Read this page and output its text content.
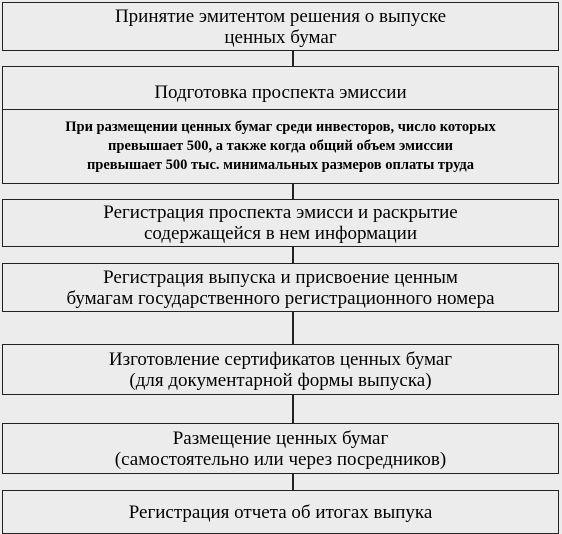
Принятие эмитентом решения о выпуске
ценных бумаг
Подготовка проспекта эмиссии
При размещении ценных бумаг среди инвесторов, число которых
превышает 500, а также когда общий объем эмиссии
превышает 500 тыс. минимальных размеров оплаты труда
Регистрация проспекта эмисси и раскрытие
содержащейся в нем информации
Регистрация выпуска и присвоение ценным
бумагам государственного регистрационного номера
Изготовление сертификатов ценных бумаг
(для документарной формы выпуска)
Размещение ценных бумаг
(самостоятельно или через посредников)
Регистрация отчета об итогах выпука
